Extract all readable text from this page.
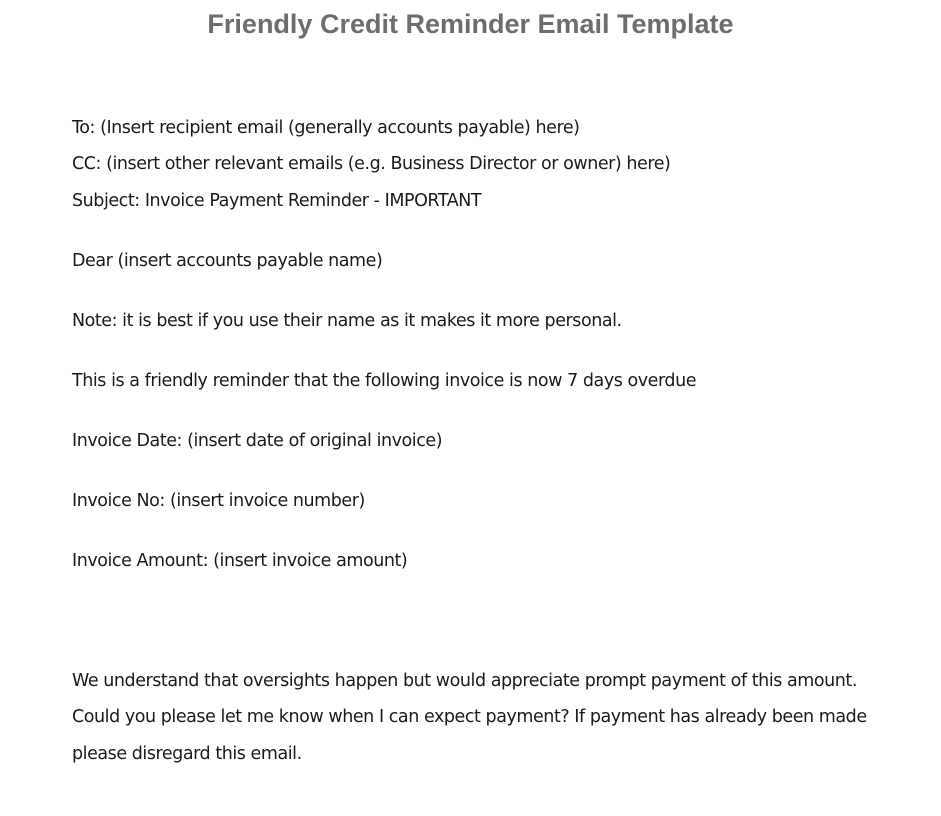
Friendly Credit Reminder Email Template
To: (Insert recipient email (generally accounts payable) here)
CC: (insert other relevant emails (e.g. Business Director or owner) here)
Subject: Invoice Payment Reminder - IMPORTANT
Dear (insert accounts payable name)
Note: it is best if you use their name as it makes it more personal.
This is a friendly reminder that the following invoice is now 7 days overdue
Invoice Date: (insert date of original invoice)
Invoice No: (insert invoice number)
Invoice Amount: (insert invoice amount)
We understand that oversights happen but would appreciate prompt payment of this amount.
Could you please let me know when I can expect payment? If payment has already been made
please disregard this email.
